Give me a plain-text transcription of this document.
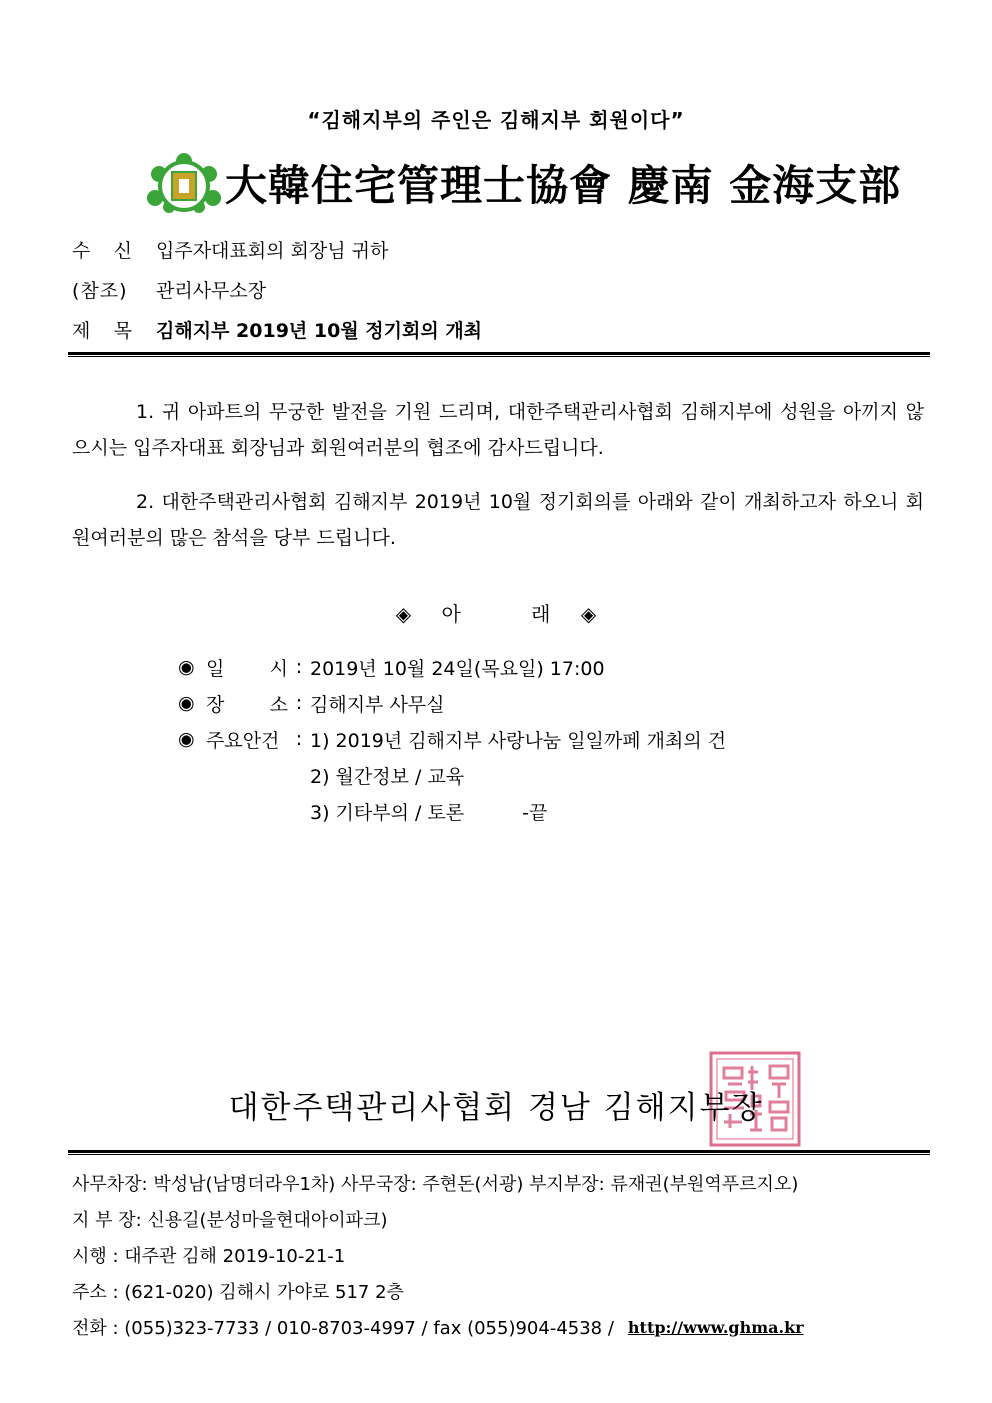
“김해지부의 주인은 김해지부 회원이다”
大韓住宅管理士協會 慶南 金海支部
수 신 입주자대표회의 회장님 귀하
(참조)	관리사무소장
제 목 김해지부 2019년 10월 정기회의 개최
1. 귀 아파트의 무궁한 발전을 기원 드리며, 대한주택관리사협회 김해지부에 성원을 아끼지 않으시는 입주자대표 회장님과 회원여러분의 협조에 감사드립니다.
2. 대한주택관리사협회 김해지부 2019년 10월 정기회의를 아래와 같이 개최하고자 하오니 회원여러분의 많은 참석을 당부 드립니다.
◈ 아	래 ◈
◉ 일 시 : 2019년 10월 24일(목요일) 17:00
◉ 장 소 : 김해지부 사무실
◉ 주요안건 : 1) 2019년 김해지부 사랑나눔 일일까페 개최의 건
2) 월간정보 / 교육
3) 기타부의 / 토론	-끝
대한주택관리사협회 경남 김해지부장
사무차장: 박성남(남명더라우1차) 사무국장: 주현돈(서광) 부지부장: 류재권(부원역푸르지오)
지 부 장: 신용길(분성마을현대아이파크)
시행 : 대주관 김해 2019-10-21-1
주소 : (621-020) 김해시 가야로 517 2층
전화 : (055)323-7733 / 010-8703-4997 / fax (055)904-4538 / http://www.ghma.kr
